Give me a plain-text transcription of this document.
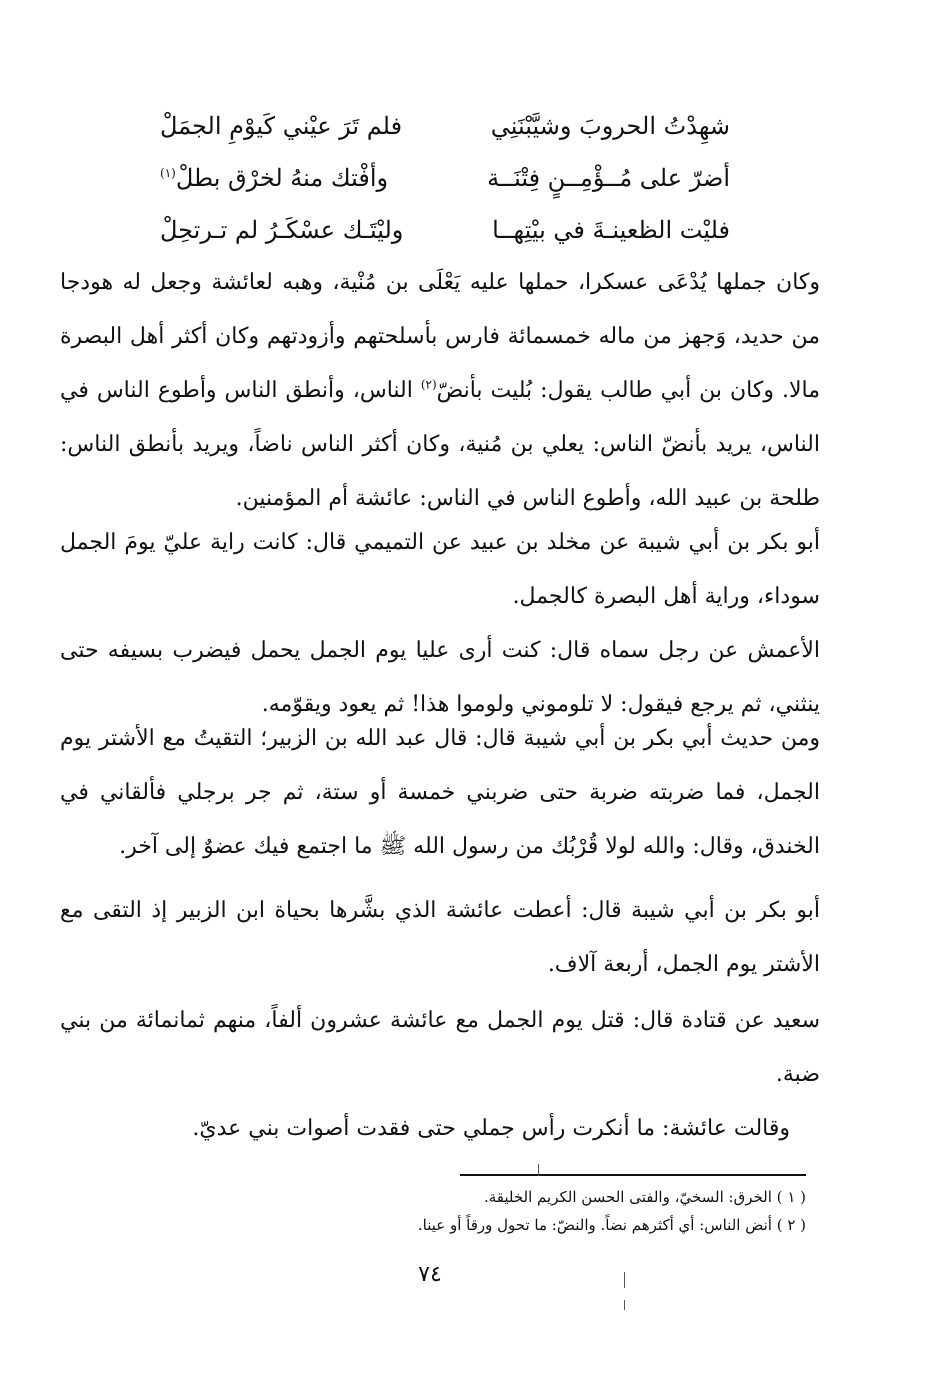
شهِدْتُ الحروبَ وشيَّبْنَنِي
فلم تَرَ عيْني كَيوْمِ الجمَلْ
أضرّ على مُــؤْمِــنٍ فِتْنَــة
وأفْتك منهُ لخرْق بطلْ$^{(١)}$
فليْت الظعينـةَ في بيْتِهــا
وليْتَـك عسْكَـرُ لم تـرتحِلْ

وكان جملها يُدْعَى عسكرا، حملها عليه يَعْلَى بن مُنْية، وهبه لعائشة وجعل له هودجا من حديد، وَجهز من ماله خمسمائة فارس بأسلحتهم وأزودتهم وكان أكثر أهل البصرة مالا. وكان بن أبي طالب يقول: بُليت بأنضّ$^{(٢)}$ الناس، وأنطق الناس وأطوع الناس في الناس، يريد بأنضّ الناس: يعلي بن مُنية، وكان أكثر الناس ناضاً، ويريد بأنطق الناس: طلحة بن عبيد الله، وأطوع الناس في الناس: عائشة أم المؤمنين.

أبو بكر بن أبي شيبة عن مخلد بن عبيد عن التميمي قال: كانت راية عليّ يومَ الجمل سوداء، وراية أهل البصرة كالجمل.

الأعمش عن رجل سماه قال: كنت أرى عليا يوم الجمل يحمل فيضرب بسيفه حتى ينثني، ثم يرجع فيقول: لا تلوموني ولوموا هذا! ثم يعود ويقوّمه.

ومن حديث أبي بكر بن أبي شيبة قال: قال عبد الله بن الزبير؛ التقيتُ مع الأشتر يوم الجمل، فما ضربته ضربة حتى ضربني خمسة أو ستة، ثم جر برجلي فألقاني في الخندق، وقال: والله لولا قُرْبُك من رسول الله ﷺ ما اجتمع فيك عضوٌ إلى آخر.

أبو بكر بن أبي شيبة قال: أعطت عائشة الذي بشَّرها بحياة ابن الزبير إذ التقى مع الأشتر يوم الجمل، أربعة آلاف.

سعيد عن قتادة قال: قتل يوم الجمل مع عائشة عشرون ألفاً، منهم ثمانمائة من بني ضبة.

وقالت عائشة: ما أنكرت رأس جملي حتى فقدت أصوات بني عديّ.

( ١ ) الخرق: السخيّ، والفتى الحسن الكريم الخليقة.
( ٢ ) أنض الناس: أي أكثرهم نضاً. والنضّ: ما تحول ورقاً أو عينا.
٧٤
